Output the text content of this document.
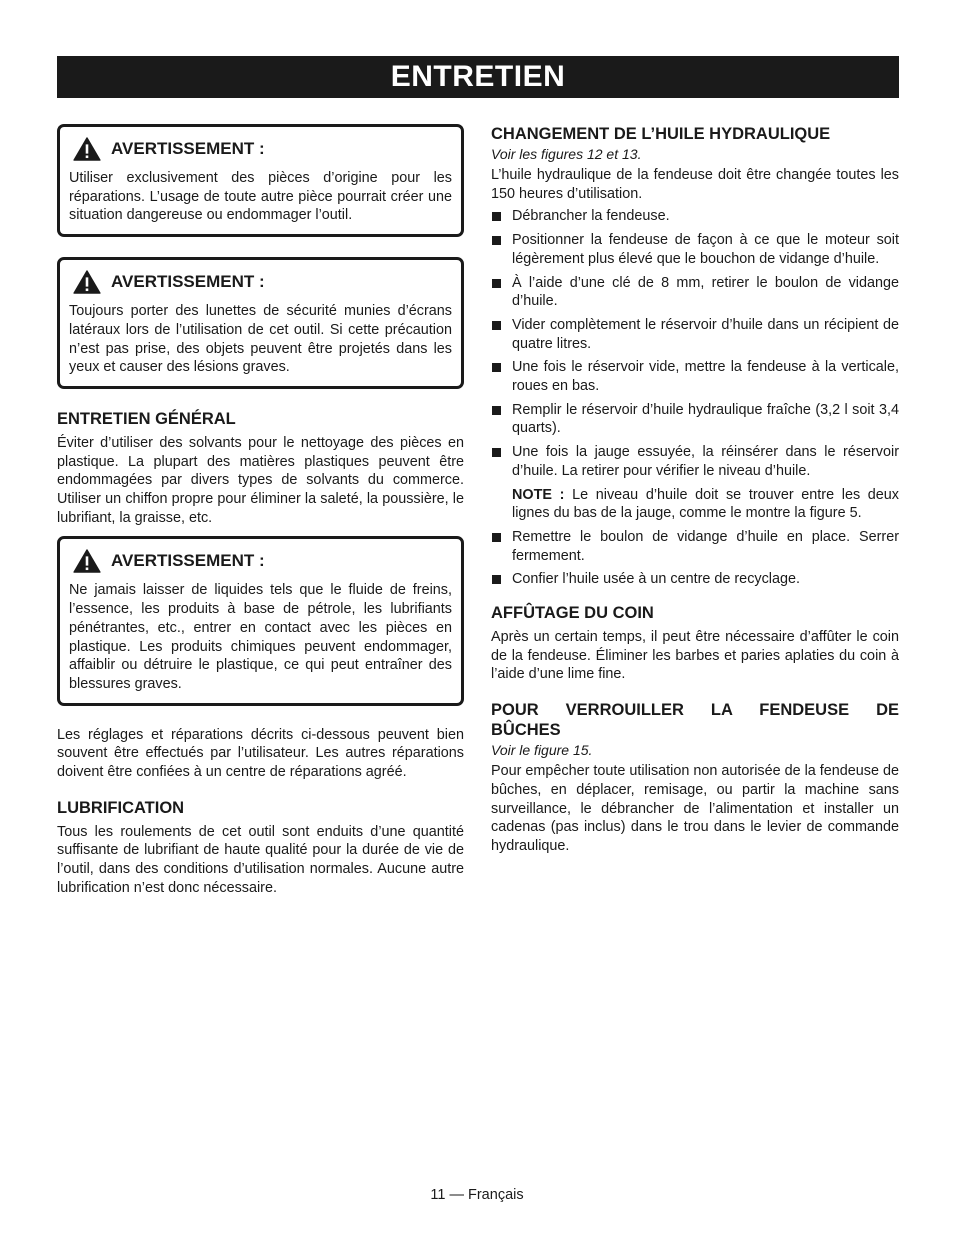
ENTRETIEN
AVERTISSEMENT :

Utiliser exclusivement des pièces d’origine pour les réparations. L’usage de toute autre pièce pourrait créer une situation dangereuse ou endommager l’outil.

AVERTISSEMENT :

Toujours porter des lunettes de sécurité munies d’écrans latéraux lors de l’utilisation de cet outil. Si cette précaution n’est pas prise, des objets peuvent être projetés dans les yeux et causer des lésions graves.

ENTRETIEN GÉNÉRAL

Éviter d’utiliser des solvants pour le nettoyage des pièces en plastique. La plupart des matières plastiques peuvent être endommagées par divers types de solvants du commerce. Utiliser un chiffon propre pour éliminer la saleté, la poussière, le lubrifiant, la graisse, etc.

AVERTISSEMENT :

Ne jamais laisser de liquides tels que le fluide de freins, l’essence, les produits à base de pétrole, les lubrifiants pénétrantes, etc., entrer en contact avec les pièces en plastique. Les produits chimiques peuvent endommager, affaiblir ou détruire le plastique, ce qui peut entraîner des blessures graves.

Les réglages et réparations décrits ci-dessous peuvent bien souvent être effectués par l’utilisateur. Les autres réparations doivent être confiées à un centre de réparations agréé.

LUBRIFICATION

Tous les roulements de cet outil sont enduits d’une quantité suffisante de lubrifiant de haute qualité pour la durée de vie de l’outil, dans des conditions d’utilisation normales. Aucune autre lubrification n’est donc nécessaire.

CHANGEMENT DE L’HUILE HYDRAULIQUE

Voir les figures 12 et 13.

L’huile hydraulique de la fendeuse doit être changée toutes les 150 heures d’utilisation.

Débrancher la fendeuse.
Positionner la fendeuse de façon à ce que le moteur soit légèrement plus élevé que le bouchon de vidange d’huile.
À l’aide d’une clé de 8 mm, retirer le boulon de vidange d’huile.
Vider complètement le réservoir d’huile dans un récipient de quatre litres.
Une fois le réservoir vide, mettre la fendeuse à la verticale, roues en bas.
Remplir le réservoir d’huile hydraulique fraîche (3,2 l soit 3,4 quarts).
Une fois la jauge essuyée, la réinsérer dans le réservoir d’huile. La retirer pour vérifier le niveau d’huile.

NOTE : Le niveau d’huile doit se trouver entre les deux lignes du bas de la jauge, comme le montre la figure 5.

Remettre le boulon de vidange d’huile en place. Serrer fermement.
Confier l’huile usée à un centre de recyclage.
AFFÛTAGE DU COIN

Après un certain temps, il peut être nécessaire d’affûter le coin de la fendeuse. Éliminer les barbes et paries aplaties du coin à l’aide d’une lime fine.

POUR VERROUILLER LA FENDEUSE DE BÛCHES

Voir le figure 15.

Pour empêcher toute utilisation non autorisée de la fendeuse de bûches, en déplacer, remisage, ou partir la machine sans surveillance, le débrancher de l’alimentation et installer un cadenas (pas inclus) dans le trou dans le levier de commande hydraulique.

11 — Français
